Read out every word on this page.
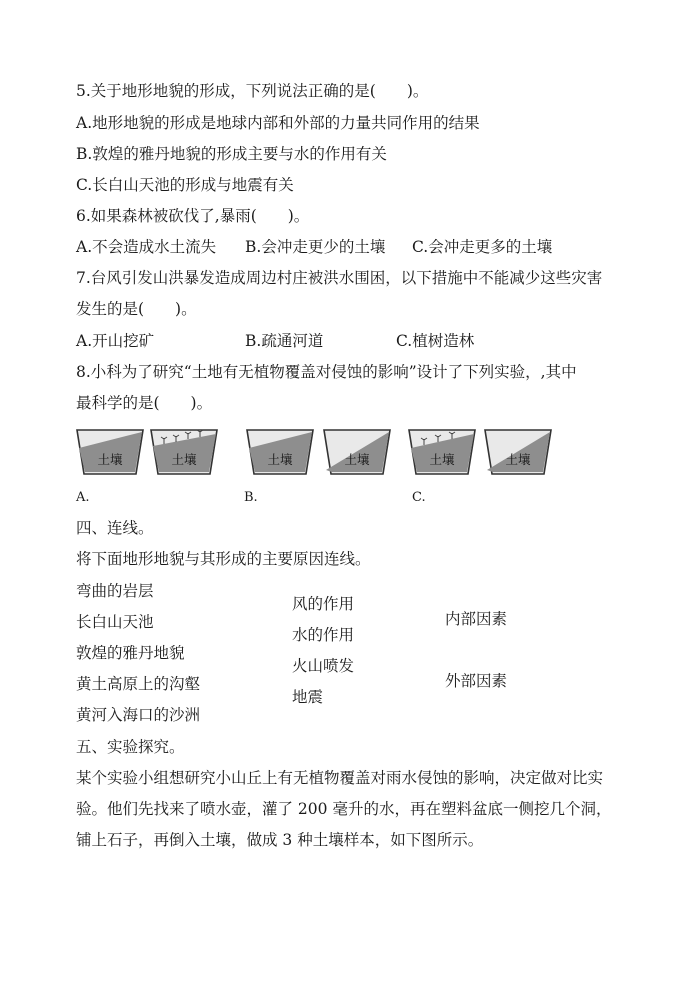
5.关于地形地貌的形成，下列说法正确的是(　　)。
A.地形地貌的形成是地球内部和外部的力量共同作用的结果
B.敦煌的雅丹地貌的形成主要与水的作用有关
C.长白山天池的形成与地震有关
6.如果森林被砍伐了,暴雨(　　)。
A.不会造成水土流失 B.会冲走更少的土壤 C.会冲走更多的土壤
7.台风引发山洪暴发造成周边村庄被洪水围困，以下措施中不能减少这些灾害
发生的是(　　)。
A.开山挖矿	B.疏通河道	C.植树造林
8.小科为了研究“土地有无植物覆盖对侵蚀的影响”设计了下列实验，,其中
最科学的是(　　)。
土壤	土壤	土壤	土壤	土壤	土壤
A.	B.	C.
四、连线。
将下面地形地貌与其形成的主要原因连线。
弯曲的岩层
长白山天池
敦煌的雅丹地貌
黄土高原上的沟壑
黄河入海口的沙洲
风的作用
水的作用
火山喷发
地震
内部因素
外部因素
五、实验探究。
某个实验小组想研究小山丘上有无植物覆盖对雨水侵蚀的影响，决定做对比实
验。他们先找来了喷水壶，灌了 200 毫升的水，再在塑料盆底一侧挖几个洞，
铺上石子，再倒入土壤，做成 3 种土壤样本，如下图所示。
